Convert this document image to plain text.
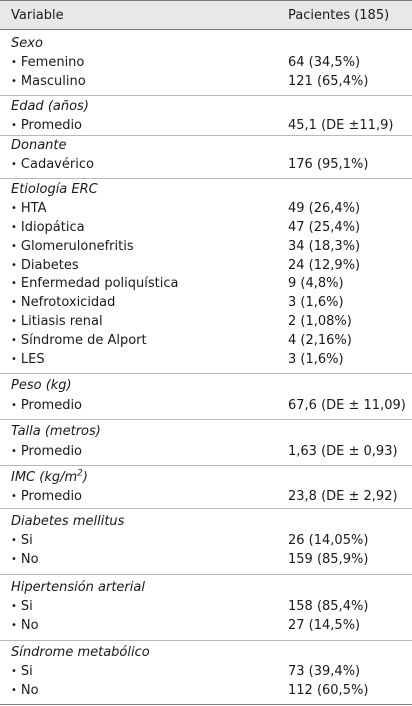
Variable	Pacientes (185)
Sexo
• Femenino	64 (34,5%)
• Masculino	121 (65,4%)
Edad (años)
• Promedio	45,1 (DE ±11,9)
Donante
• Cadavérico	176 (95,1%)
Etiología ERC
• HTA	49 (26,4%)
• Idiopática	47 (25,4%)
• Glomerulonefritis	34 (18,3%)
• Diabetes	24 (12,9%)
• Enfermedad poliquística	9 (4,8%)
• Nefrotoxicidad	3 (1,6%)
• Litiasis renal	2 (1,08%)
• Síndrome de Alport	4 (2,16%)
• LES	3 (1,6%)
Peso (kg)
• Promedio	67,6 (DE ± 11,09)
Talla (metros)
• Promedio	1,63 (DE ± 0,93)
IMC $(kg/m^2)$
• Promedio	23,8 (DE ± 2,92)
Diabetes mellitus
• Si	26 (14,05%)
• No	159 (85,9%)
Hipertensión arterial
• Si	158 (85,4%)
• No	27 (14,5%)
Síndrome metabólico
• Si	73 (39,4%)
• No	112 (60,5%)
